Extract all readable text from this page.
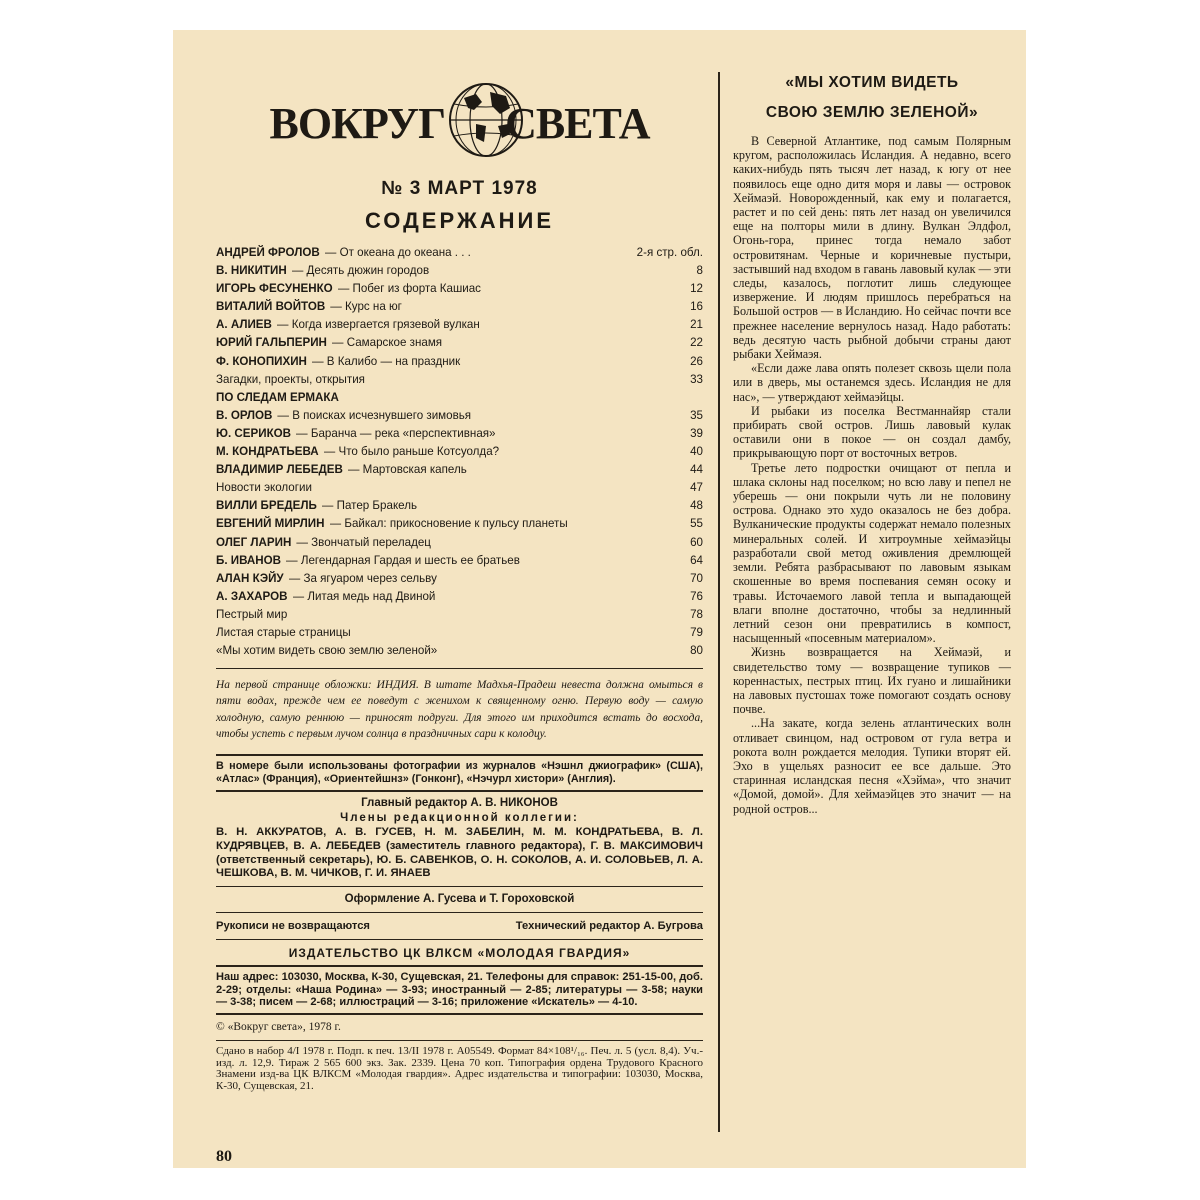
ВОКРУГ СВЕТА
№ 3 МАРТ 1978
СОДЕРЖАНИЕ
АНДРЕЙ ФРОЛОВ — От океана до океана . . .	2-я стр. обл.
В. НИКИТИН — Десять дюжин городов	8
ИГОРЬ ФЕСУНЕНКО — Побег из форта Кашиас	12
ВИТАЛИЙ ВОЙТОВ — Курс на юг	16
А. АЛИЕВ — Когда извергается грязевой вулкан	21
ЮРИЙ ГАЛЬПЕРИН — Самарское знамя	22
Ф. КОНОПИХИН — В Калибо — на праздник	26
Загадки, проекты, открытия	33
ПО СЛЕДАМ ЕРМАКА
В. ОРЛОВ — В поисках исчезнувшего зимовья	35
Ю. СЕРИКОВ — Баранча — река «перспективная»	39
М. КОНДРАТЬЕВА — Что было раньше Котсуолда?	40
ВЛАДИМИР ЛЕБЕДЕВ — Мартовская капель	44
Новости экологии	47
ВИЛЛИ БРЕДЕЛЬ — Патер Бракель	48
ЕВГЕНИЙ МИРЛИН — Байкал: прикосновение к пульсу планеты	55
ОЛЕГ ЛАРИН — Звончатый переладец	60
Б. ИВАНОВ — Легендарная Гардая и шесть ее братьев	64
АЛАН КЭЙУ — За ягуаром через сельву	70
А. ЗАХАРОВ — Литая медь над Двиной	76
Пестрый мир	78
Листая старые страницы	79
«Мы хотим видеть свою землю зеленой»	80
На первой странице обложки: ИНДИЯ. В штате Мадхья-Прадеш невеста должна омыться в пяти водах, прежде чем ее поведут с женихом к священному огню. Первую воду — самую холодную, самую реннюю — приносят подруги. Для этого им приходится встать до восхода, чтобы успеть с первым лучом солнца в праздничных сари к колодцу.
В номере были использованы фотографии из журналов «Нэшнл джиографик» (США), «Атлас» (Франция), «Ориентейшнз» (Гонконг), «Нэчурл хистори» (Англия).
Главный редактор А. В. НИКОНОВ
Члены редакционной коллегии:
В. Н. АККУРАТОВ, А. В. ГУСЕВ, Н. М. ЗАБЕЛИН, М. М. КОНДРАТЬЕВА, В. Л. КУДРЯВЦЕВ, В. А. ЛЕБЕДЕВ (заместитель главного редактора), Г. В. МАКСИМОВИЧ (ответственный секретарь), Ю. Б. САВЕНКОВ, О. Н. СОКОЛОВ, А. И. СОЛОВЬЕВ, Л. А. ЧЕШКОВА, В. М. ЧИЧКОВ, Г. И. ЯНАЕВ
Оформление А. Гусева и Т. Гороховской
Рукописи не возвращаются	Технический редактор А. Бугрова
ИЗДАТЕЛЬСТВО ЦК ВЛКСМ «МОЛОДАЯ ГВАРДИЯ»
Наш адрес: 103030, Москва, К-30, Сущевская, 21. Телефоны для справок: 251-15-00, доб. 2-29; отделы: «Наша Родина» — 3-93; иностранный — 2-85; литературы — 3-58; науки — 3-38; писем — 2-68; иллюстраций — 3-16; приложение «Искатель» — 4-10.
© «Вокруг света», 1978 г.
Сдано в набор 4/I 1978 г. Подп. к печ. 13/II 1978 г. А05549. Формат 84×108¹/₁₆. Печ. л. 5 (усл. 8,4). Уч.-изд. л. 12,9. Тираж 2 565 600 экз. Зак. 2339. Цена 70 коп. Типография ордена Трудового Красного Знамени изд-ва ЦК ВЛКСМ «Молодая гвардия». Адрес издательства и типографии: 103030, Москва, К-30, Сущевская, 21.
«МЫ ХОТИМ ВИДЕТЬ
СВОЮ ЗЕМЛЮ ЗЕЛЕНОЙ»

В Северной Атлантике, под самым Полярным кругом, расположилась Исландия. А недавно, всего каких-нибудь пять тысяч лет назад, к югу от нее появилось еще одно дитя моря и лавы — островок Хеймаэй. Новорожденный, как ему и полагается, растет и по сей день: пять лет назад он увеличился еще на полторы мили в длину. Вулкан Элдфол, Огонь-гора, принес тогда немало забот островитянам. Черные и коричневые пустыри, застывший над входом в гавань лавовый кулак — эти следы, казалось, поглотит лишь следующее извержение. И людям пришлось перебраться на Большой остров — в Исландию. Но сейчас почти все прежнее население вернулось назад. Надо работать: ведь десятую часть рыбной добычи страны дают рыбаки Хеймаэя.

«Если даже лава опять полезет сквозь щели пола или в дверь, мы останемся здесь. Исландия не для нас», — утверждают хеймаэйцы.

И рыбаки из поселка Вестманнайяр стали прибирать свой остров. Лишь лавовый кулак оставили они в покое — он создал дамбу, прикрывающую порт от восточных ветров.

Третье лето подростки очищают от пепла и шлака склоны над поселком; но всю лаву и пепел не уберешь — они покрыли чуть ли не половину острова. Однако это худо оказалось не без добра. Вулканические продукты содержат немало полезных минеральных солей. И хитроумные хеймаэйцы разработали свой метод оживления дремлющей земли. Ребята разбрасывают по лавовым языкам скошенные во время поспевания семян осоку и травы. Источаемого лавой тепла и выпадающей влаги вполне достаточно, чтобы за недлинный летний сезон они превратились в компост, насыщенный «посевным материалом».

Жизнь возвращается на Хеймаэй, и свидетельство тому — возвращение тупиков — кореннастых, пестрых птиц. Их гуано и лишайники на лавовых пустошах тоже помогают создать основу почве.

...На закате, когда зелень атлантических волн отливает свинцом, над островом от гула ветра и рокота волн рождается мелодия. Тупики вторят ей. Эхо в ущельях разносит ее все дальше. Это старинная исландская песня «Хэйма», что значит «Домой, домой». Для хеймаэйцев это значит — на родной остров...

80
